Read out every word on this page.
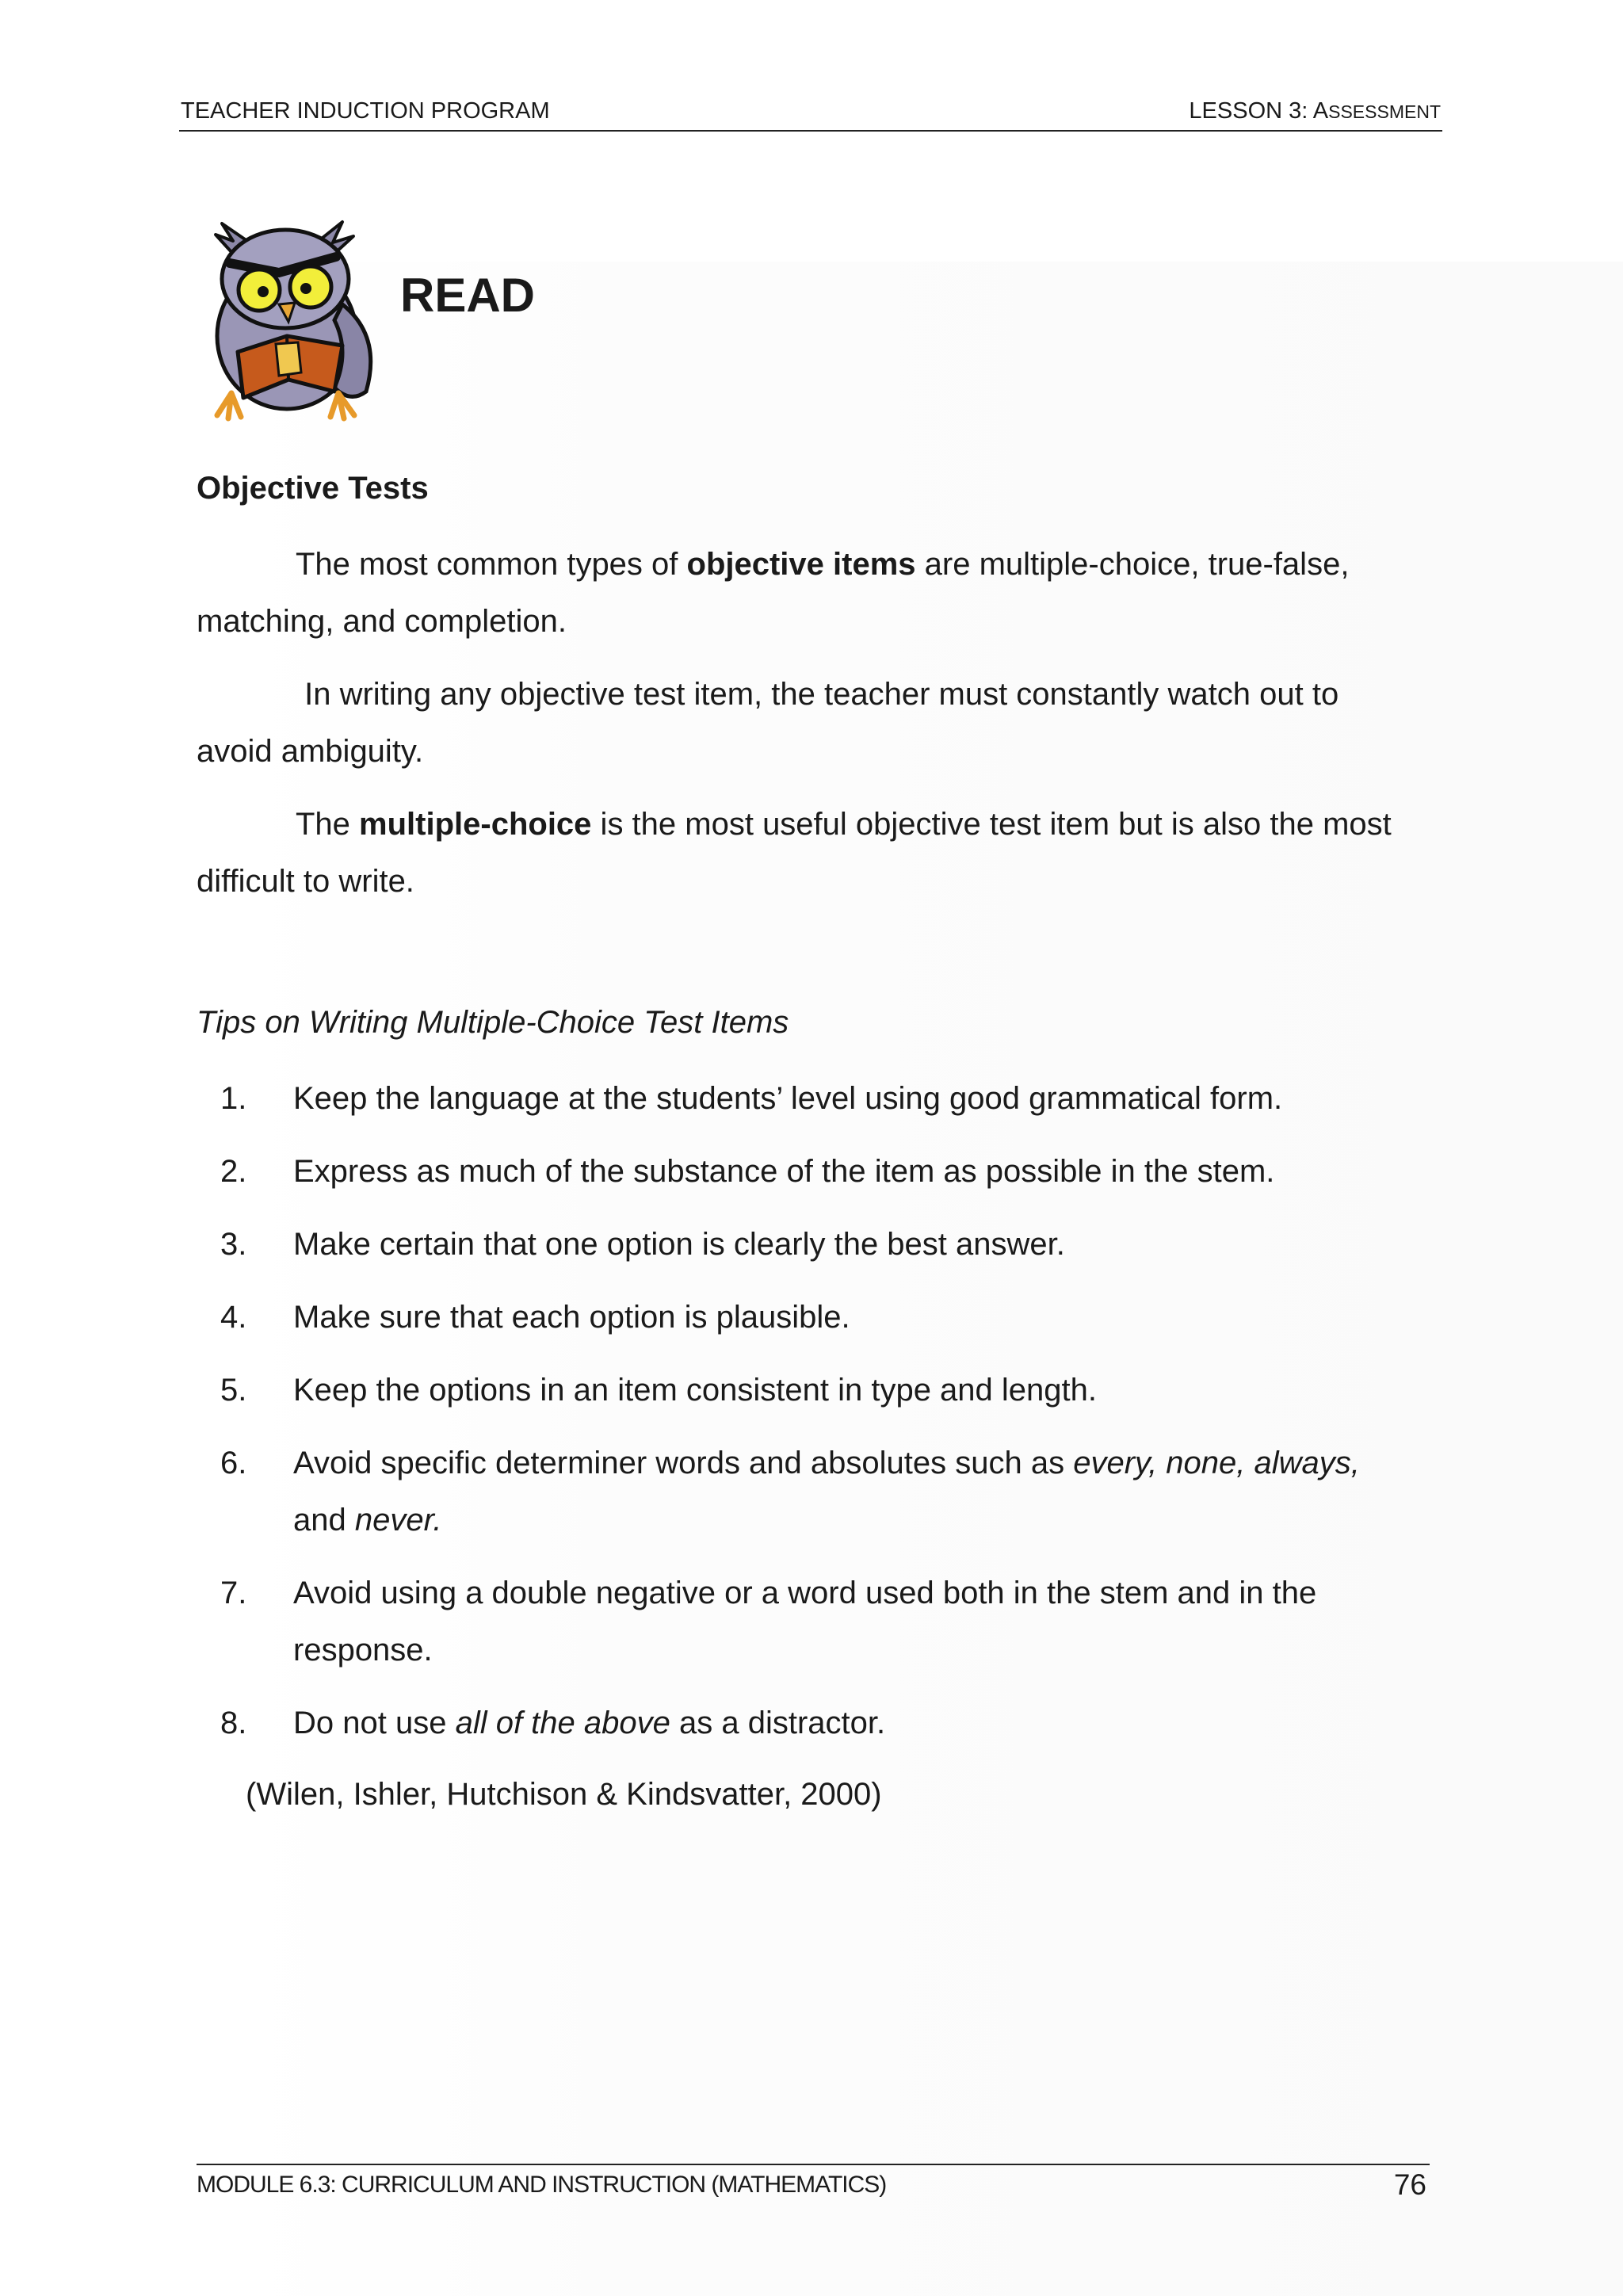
TEACHER INDUCTION PROGRAM	LESSON 3: ASSESSMENT
READ
Objective Tests
The most common types of objective items are multiple-choice, true-false,
matching, and completion.
In writing any objective test item, the teacher must constantly watch out to
avoid ambiguity.
The multiple-choice is the most useful objective test item but is also the most
difficult to write.
Tips on Writing Multiple-Choice Test Items
1.	Keep the language at the students’ level using good grammatical form.
2.	Express as much of the substance of the item as possible in the stem.
3.	Make certain that one option is clearly the best answer.
4.	Make sure that each option is plausible.
5.	Keep the options in an item consistent in type and length.
6.	Avoid specific determiner words and absolutes such as every, none, always,
and never.
7.	Avoid using a double negative or a word used both in the stem and in the
response.
8.	Do not use all of the above as a distractor.
(Wilen, Ishler, Hutchison & Kindsvatter, 2000)
MODULE 6.3: CURRICULUM AND INSTRUCTION (MATHEMATICS)	76
